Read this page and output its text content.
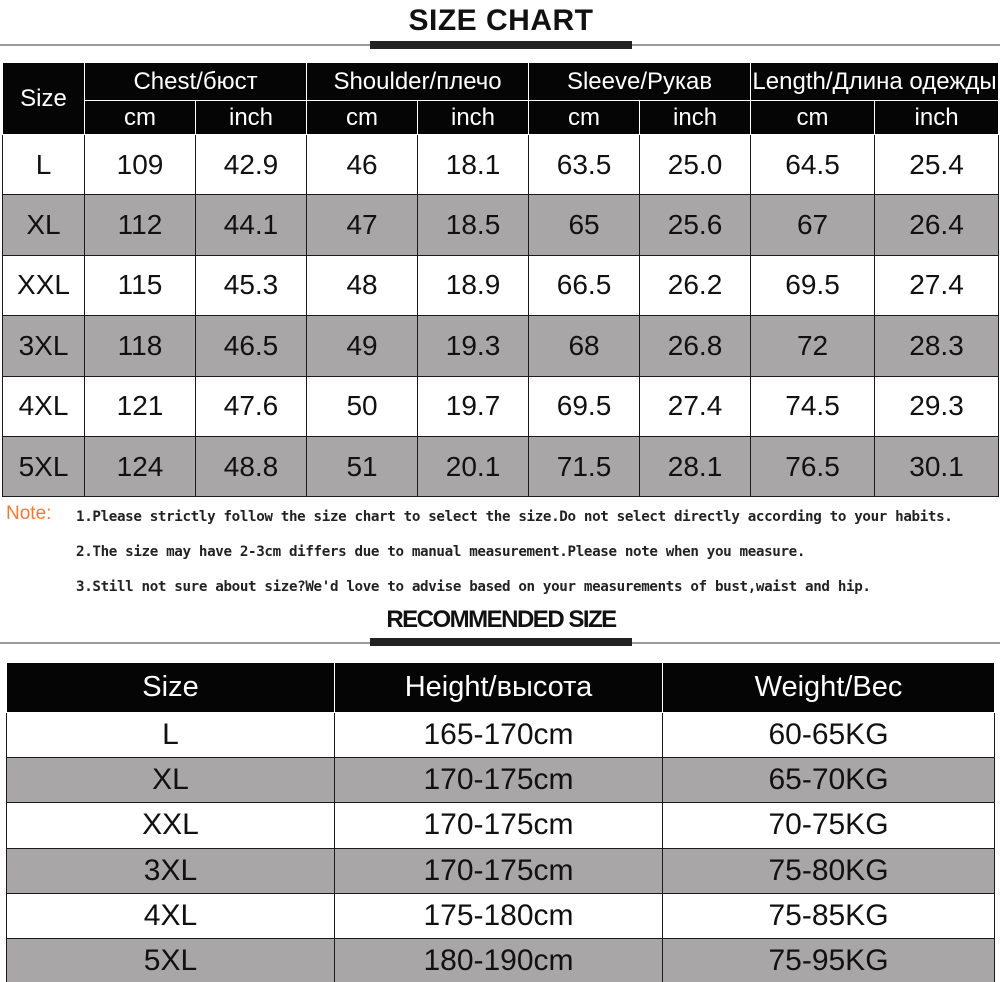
SIZE CHART
Size	Chest/бюст		Shoulder/плечо		Sleeve/Рукав		Length/Длина одежды	
	cm	inch	cm	inch	cm	inch	cm	inch
L	109	42.9	46	18.1	63.5	25.0	64.5	25.4
XL	112	44.1	47	18.5	65	25.6	67	26.4
XXL	115	45.3	48	18.9	66.5	26.2	69.5	27.4
3XL	118	46.5	49	19.3	68	26.8	72	28.3
4XL	121	47.6	50	19.7	69.5	27.4	74.5	29.3
5XL	124	48.8	51	20.1	71.5	28.1	76.5	30.1
Note: 1.Please strictly follow the size chart to select the size.Do not select directly according to your habits.
2.The size may have 2-3cm differs due to manual measurement.Please note when you measure.
3.Still not sure about size?We'd love to advise based on your measurements of bust,waist and hip.
RECOMMENDED SIZE
Size	Height/высота	Weight/Вес
L	165-170cm	60-65KG
XL	170-175cm	65-70KG
XXL	170-175cm	70-75KG
3XL	170-175cm	75-80KG
4XL	175-180cm	75-85KG
5XL	180-190cm	75-95KG
